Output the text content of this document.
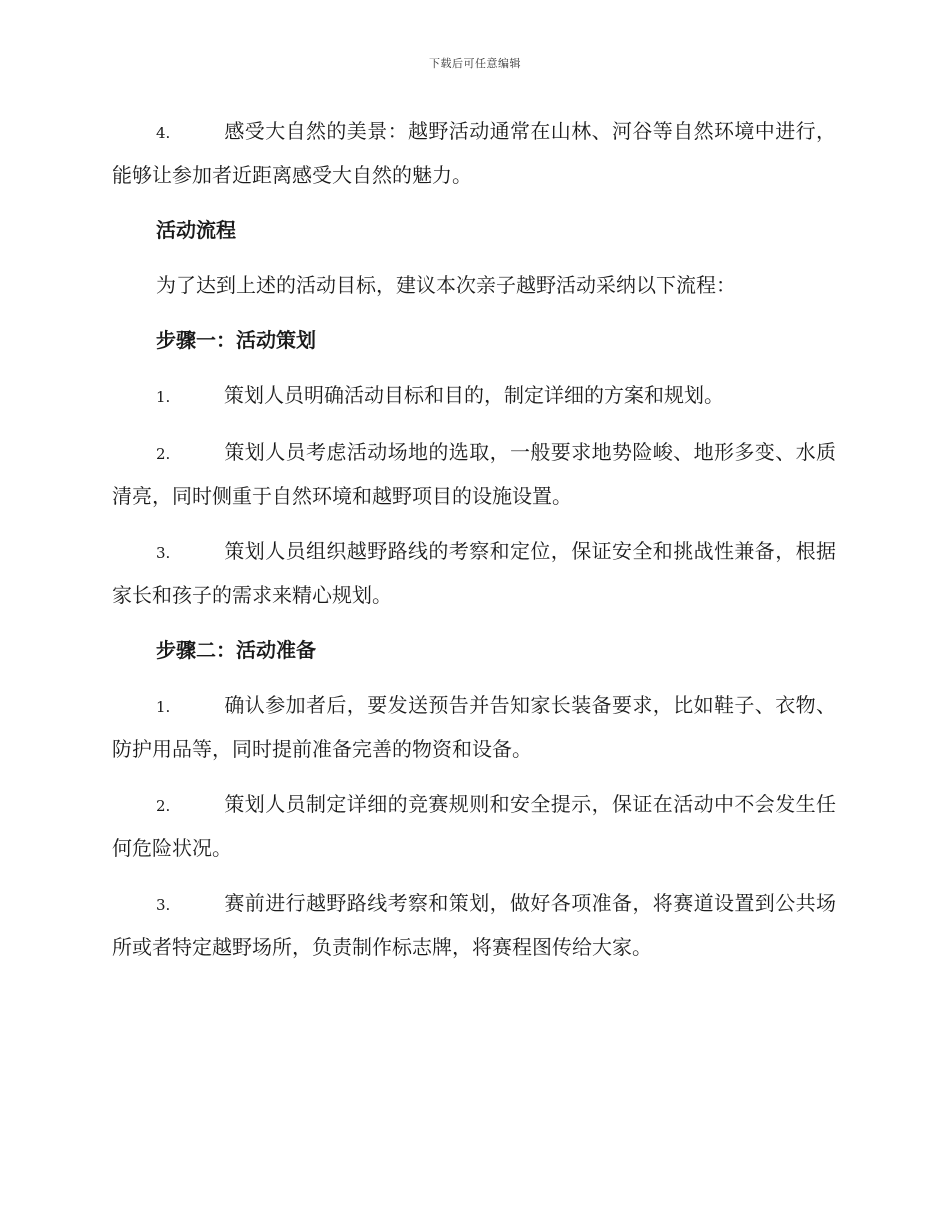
下载后可任意编辑

4.	感受大自然的美景：越野活动通常在山林、河谷等自然环境中进行，能够让参加者近距离感受大自然的魅力。

活动流程

为了达到上述的活动目标，建议本次亲子越野活动采纳以下流程：

步骤一：活动策划

1.	策划人员明确活动目标和目的，制定详细的方案和规划。

2.	策划人员考虑活动场地的选取，一般要求地势险峻、地形多变、水质清亮，同时侧重于自然环境和越野项目的设施设置。

3.	策划人员组织越野路线的考察和定位，保证安全和挑战性兼备，根据家长和孩子的需求来精心规划。

步骤二：活动准备

1.	确认参加者后，要发送预告并告知家长装备要求，比如鞋子、衣物、防护用品等，同时提前准备完善的物资和设备。

2.	策划人员制定详细的竞赛规则和安全提示，保证在活动中不会发生任何危险状况。

3.	赛前进行越野路线考察和策划，做好各项准备，将赛道设置到公共场所或者特定越野场所，负责制作标志牌，将赛程图传给大家。
